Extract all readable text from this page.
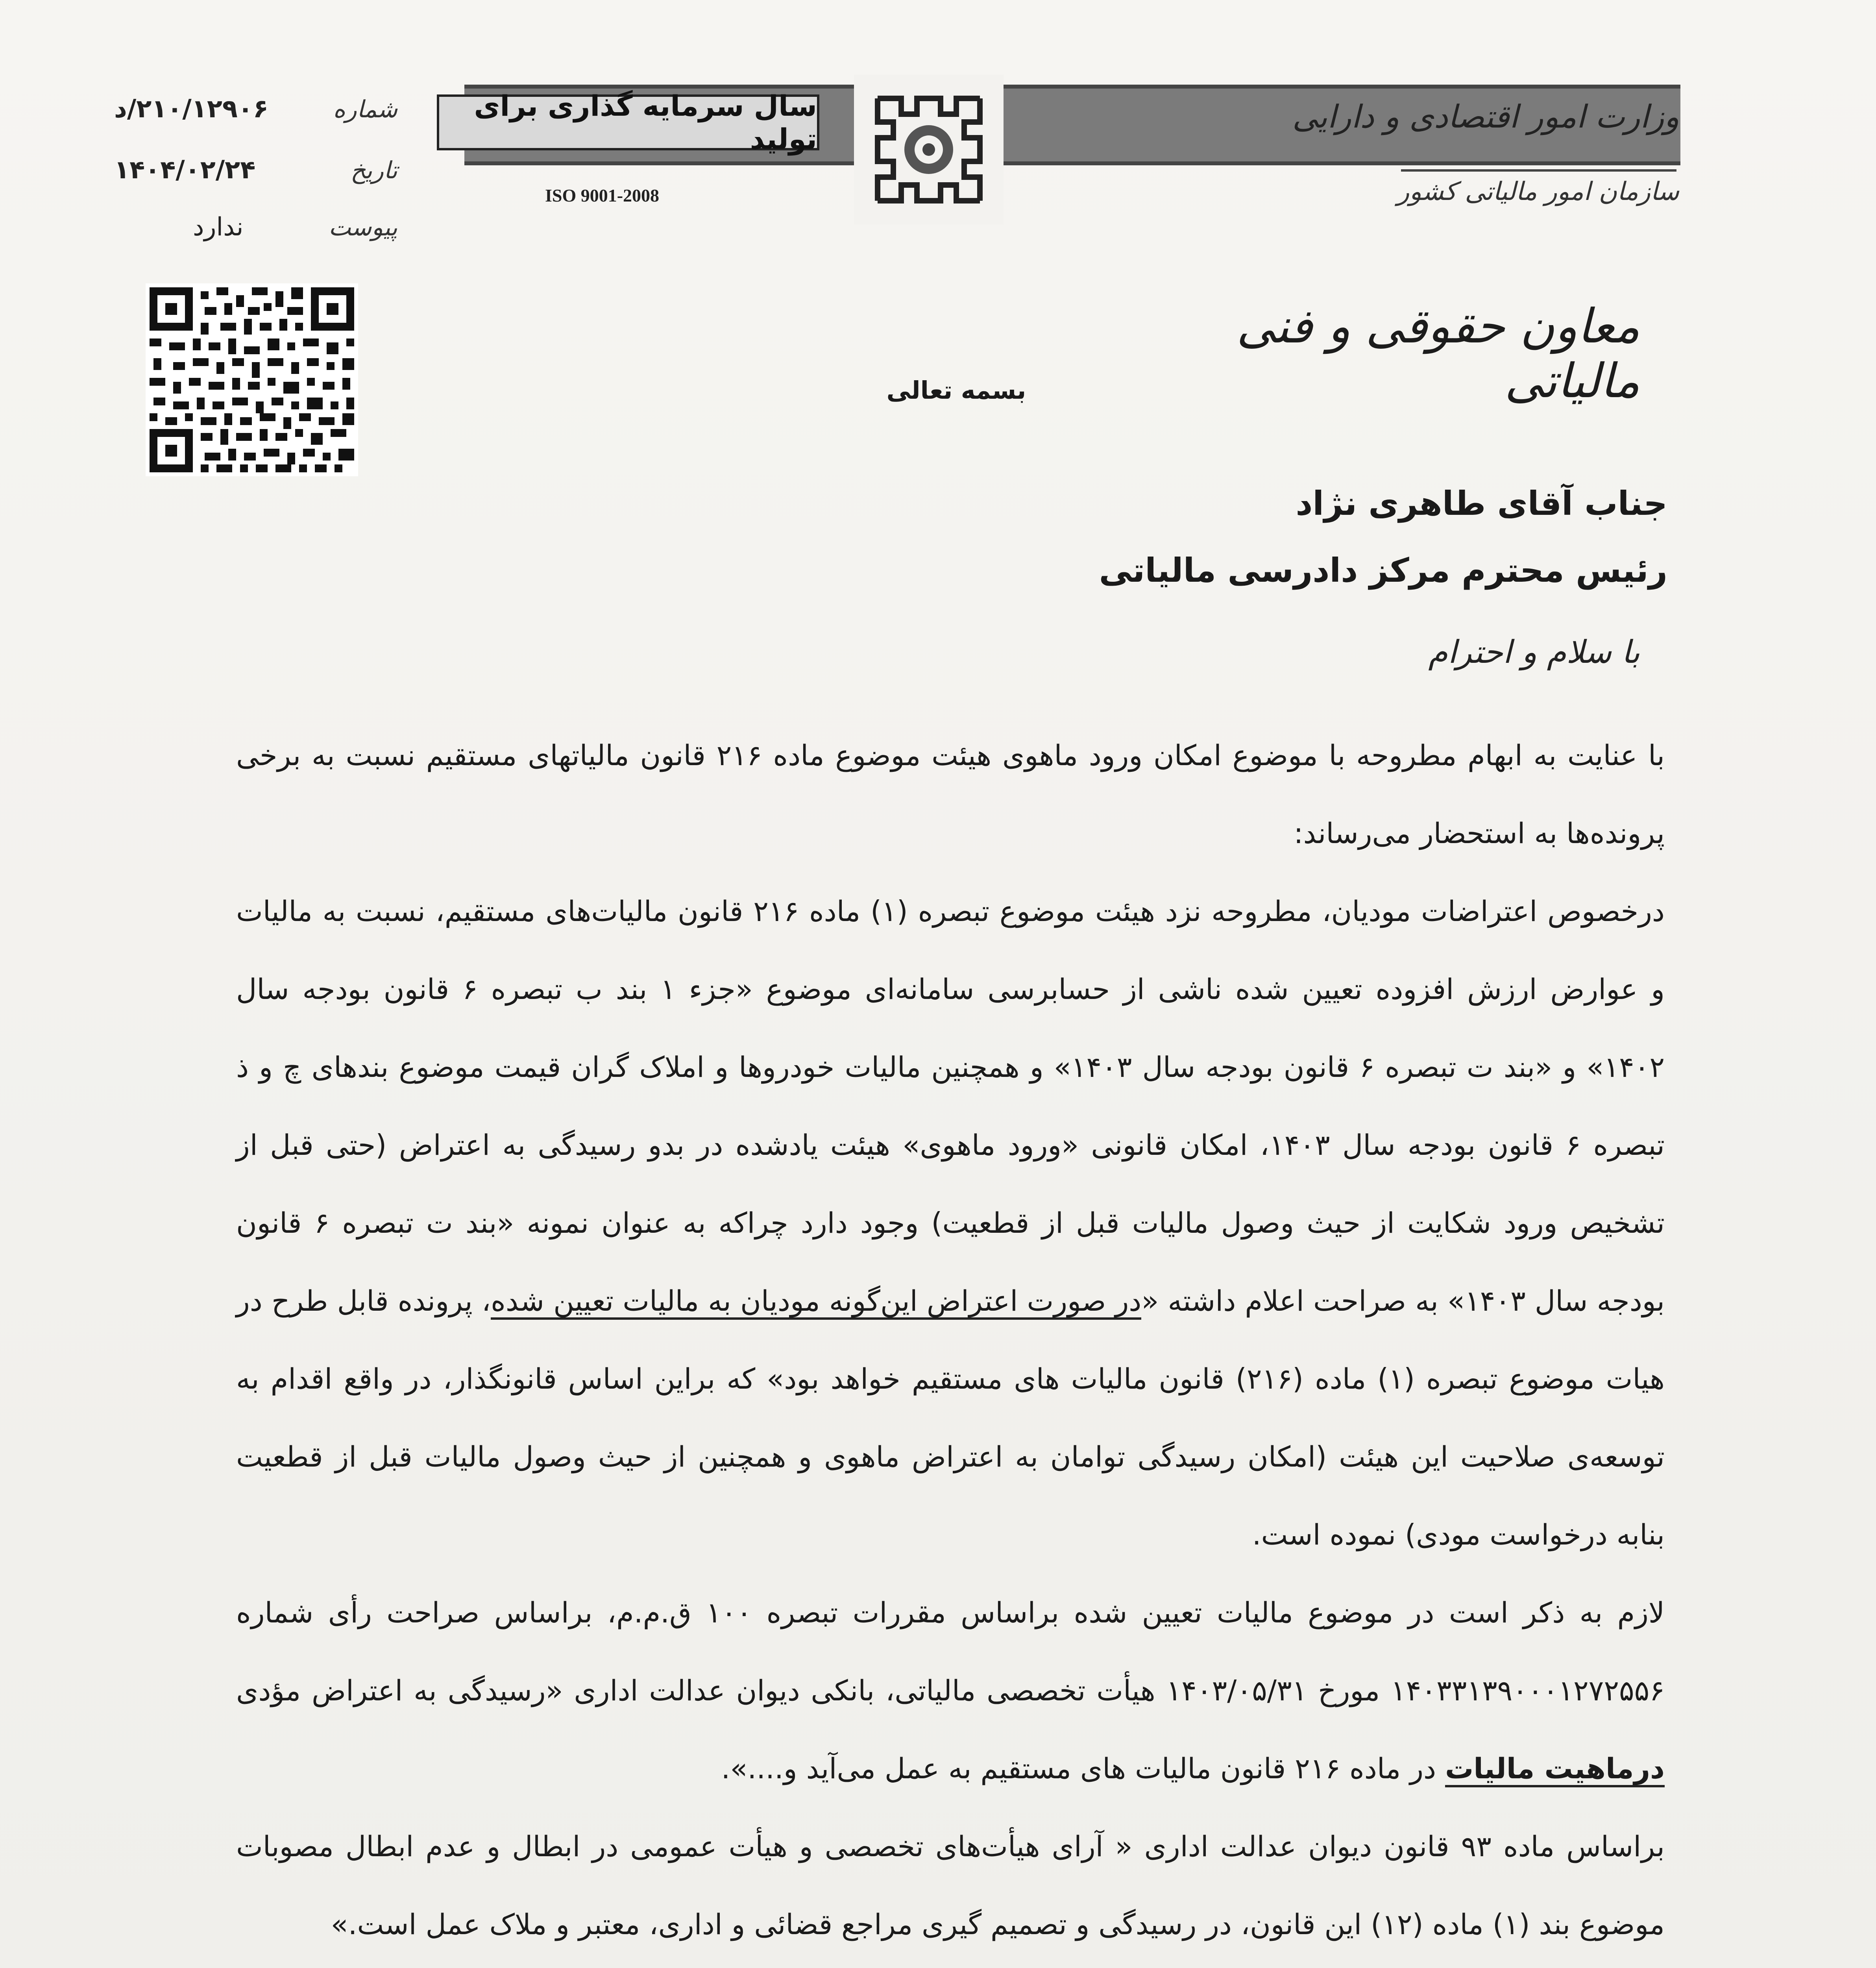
سال سرمایه گذاری برای تولید
ISO 9001-2008
وزارت امور اقتصادی و دارایی
سازمان امور مالیاتی کشور
۲۱۰/۱۲۹۰۶/د	شماره
۱۴۰۴/۰۲/۲۴	تاریخ
ندارد	پیوست
معاون حقوقی و فنی مالیاتی
بسمه تعالی
جناب آقای طاهری نژاد
رئیس محترم مرکز دادرسی مالیاتی
با سلام و احترام

با عنایت به ابهام مطروحه با موضوع امکان ورود ماهوی هیئت موضوع ماده ۲۱۶ قانون مالیاتهای مستقیم نسبت به برخی پرونده‌ها به استحضار می‌رساند:

درخصوص اعتراضات مودیان، مطروحه نزد هیئت موضوع تبصره (۱) ماده ۲۱۶ قانون مالیات‌های مستقیم، نسبت به مالیات و عوارض ارزش افزوده تعیین شده ناشی از حسابرسی سامانه‌ای موضوع «جزء ۱ بند ب تبصره ۶ قانون بودجه سال ۱۴۰۲» و «بند ت تبصره ۶ قانون بودجه سال ۱۴۰۳» و همچنین مالیات خودروها و املاک گران قیمت موضوع بندهای چ و ذ تبصره ۶ قانون بودجه سال ۱۴۰۳، امکان قانونی «ورود ماهوی» هیئت یادشده در بدو رسیدگی به اعتراض (حتی قبل از تشخیص ورود شکایت از حیث وصول مالیات قبل از قطعیت) وجود دارد چراکه به عنوان نمونه «بند ت تبصره ۶ قانون بودجه سال ۱۴۰۳» به صراحت اعلام داشته «در صورت اعتراض این‌گونه مودیان به مالیات تعیین شده، پرونده قابل طرح در هیات موضوع تبصره (۱) ماده (۲۱۶) قانون مالیات های مستقیم خواهد بود» که براین اساس قانونگذار، در واقع اقدام به توسعه‌ی صلاحیت این هیئت (امکان رسیدگی توامان به اعتراض ماهوی و همچنین از حیث وصول مالیات قبل از قطعیت بنابه درخواست مودی) نموده است.

لازم به ذکر است در موضوع مالیات تعیین شده براساس مقررات تبصره ۱۰۰ ق.م.م، براساس صراحت رأی شماره ۱۴۰۳۳۱۳۹۰۰۰۱۲۷۲۵۵۶ مورخ ۱۴۰۳/۰۵/۳۱ هیأت تخصصی مالیاتی، بانکی دیوان عدالت اداری «رسیدگی به اعتراض مؤدی درماهیت مالیات در ماده ۲۱۶ قانون مالیات های مستقیم به عمل می‌آید و....».

براساس ماده ۹۳ قانون دیوان عدالت اداری « آرای هیأت‌های تخصصی و هیأت عمومی در ابطال و عدم ابطال مصوبات موضوع بند (۱) ماده (۱۲) این قانون، در رسیدگی و تصمیم گیری مراجع قضائی و اداری، معتبر و ملاک عمل است.»
